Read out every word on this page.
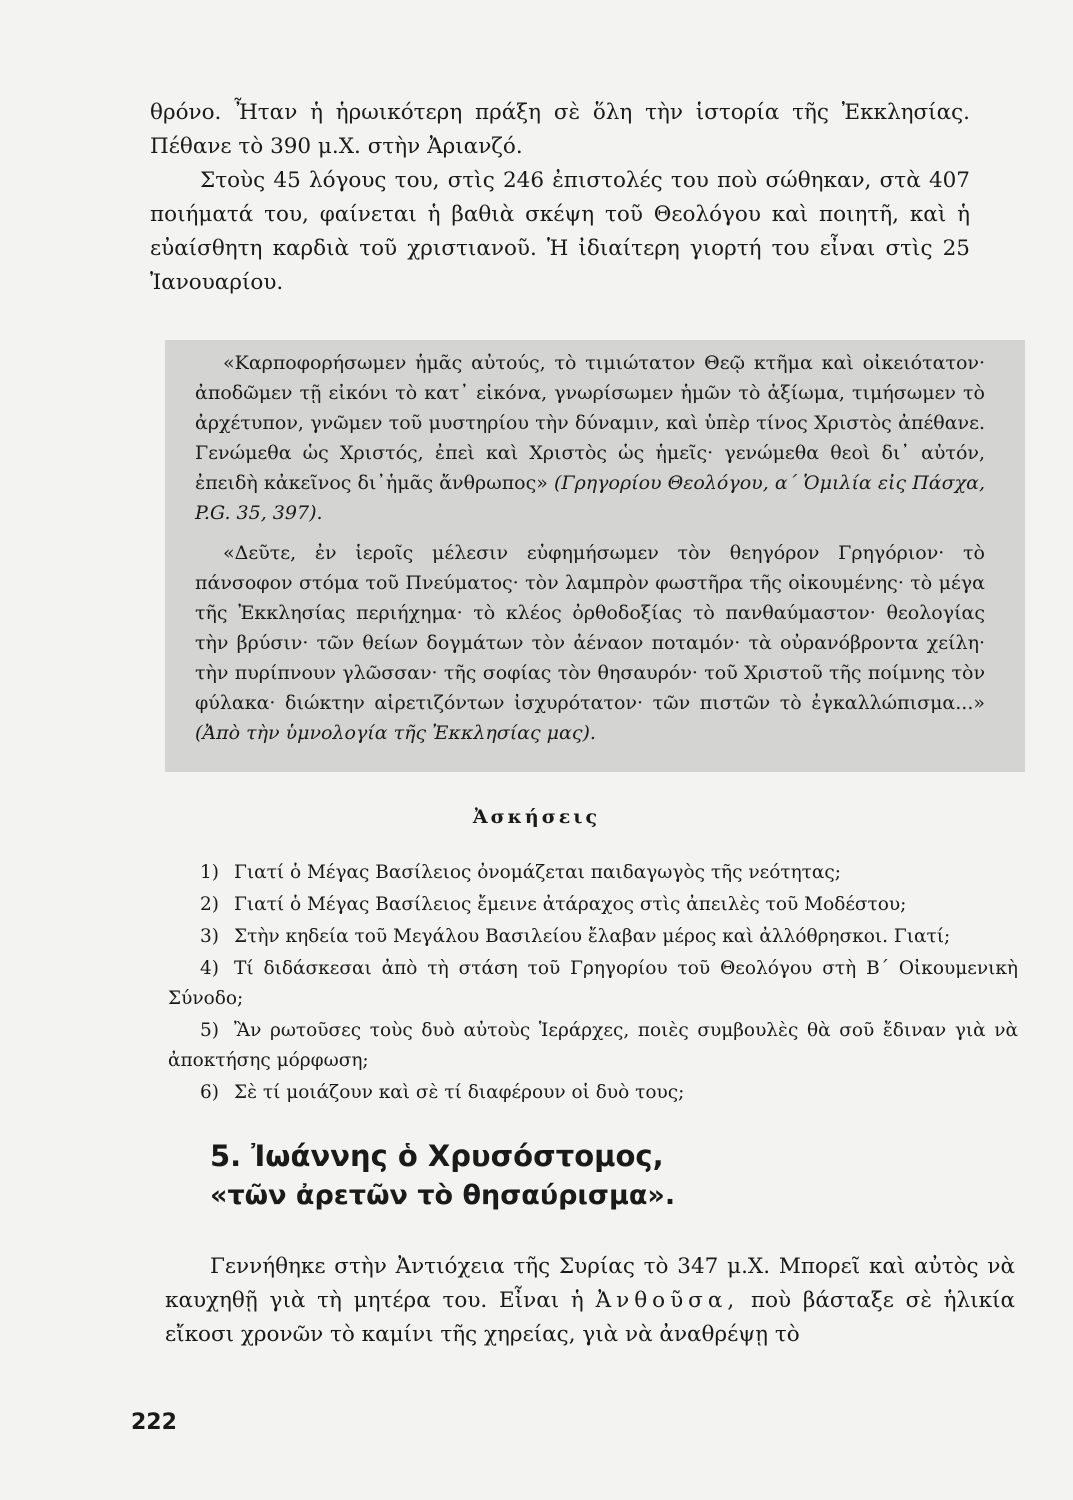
θρόνο. Ἦταν ἡ ἡρωικότερη πράξη σὲ ὅλη τὴν ἱστορία τῆς Ἐκκλησίας. Πέθανε τὸ 390 μ.Χ. στὴν Ἀριανζό.

Στοὺς 45 λόγους του, στὶς 246 ἐπιστολές του ποὺ σώθηκαν, στὰ 407 ποιήματά του, φαίνεται ἡ βαθιὰ σκέψη τοῦ Θεολόγου καὶ ποιητῆ, καὶ ἡ εὐαίσθητη καρδιὰ τοῦ χριστιανοῦ. Ἡ ἰδιαίτερη γιορτή του εἶναι στὶς 25 Ἰανουαρίου.

«Καρποφορήσωμεν ἡμᾶς αὐτούς, τὸ τιμιώτατον Θεῷ κτῆμα καὶ οἰκειότατον· ἀποδῶμεν τῇ εἰκόνι τὸ κατ᾿ εἰκόνα, γνωρίσωμεν ἡμῶν τὸ ἀξίωμα, τιμήσωμεν τὸ ἀρχέτυπον, γνῶμεν τοῦ μυστηρίου τὴν δύναμιν, καὶ ὑπὲρ τίνος Χριστὸς ἀπέθανε. Γενώμεθα ὡς Χριστός, ἐπεὶ καὶ Χριστὸς ὡς ἡμεῖς· γενώμεθα θεοὶ δι᾿ αὐτόν, ἐπειδὴ κἀκεῖνος δι᾿ἡμᾶς ἄνθρωπος» (Γρηγορίου Θεολόγου, α´ Ὁμιλία εἰς Πάσχα, P.G. 35, 397).

«Δεῦτε, ἐν ἱεροῖς μέλεσιν εὐφημήσωμεν τὸν θεηγόρον Γρηγόριον· τὸ πάνσοφον στόμα τοῦ Πνεύματος· τὸν λαμπρὸν φωστῆρα τῆς οἰκουμένης· τὸ μέγα τῆς Ἐκκλησίας περιήχημα· τὸ κλέος ὀρθοδοξίας τὸ πανθαύμαστον· θεολογίας τὴν βρύσιν· τῶν θείων δογμάτων τὸν ἀέναον ποταμόν· τὰ οὐρανόβροντα χείλη· τὴν πυρίπνουν γλῶσσαν· τῆς σοφίας τὸν θησαυρόν· τοῦ Χριστοῦ τῆς ποίμνης τὸν φύλακα· διώκτην αἱρετιζόντων ἰσχυρότατον· τῶν πιστῶν τὸ ἐγκαλλώπισμα...» (Ἀπὸ τὴν ὑμνολογία τῆς Ἐκκλησίας μας).

Ἀσκήσεις
1) Γιατί ὁ Μέγας Βασίλειος ὀνομάζεται παιδαγωγὸς τῆς νεότητας;
2) Γιατί ὁ Μέγας Βασίλειος ἔμεινε ἀτάραχος στὶς ἀπειλὲς τοῦ Μοδέστου;
3) Στὴν κηδεία τοῦ Μεγάλου Βασιλείου ἔλαβαν μέρος καὶ ἀλλόθρησκοι. Γιατί;
4) Τί διδάσκεσαι ἀπὸ τὴ στάση τοῦ Γρηγορίου τοῦ Θεολόγου στὴ Β´ Οἰκουμενικὴ Σύνοδο;
5) Ἂν ρωτοῦσες τοὺς δυὸ αὐτοὺς Ἱεράρχες, ποιὲς συμβουλὲς θὰ σοῦ ἔδιναν γιὰ νὰ ἀποκτήσης μόρφωση;
6) Σὲ τί μοιάζουν καὶ σὲ τί διαφέρουν οἱ δυὸ τους;
5. Ἰωάννης ὁ Χρυσόστομος,
«τῶν ἀρετῶν τὸ θησαύρισμα».

Γεννήθηκε στὴν Ἀντιόχεια τῆς Συρίας τὸ 347 μ.Χ. Μπορεῖ καὶ αὐτὸς νὰ καυχηθῇ γιὰ τὴ μητέρα του. Εἶναι ἡ Ἀνθοῦσα, ποὺ βάσταξε σὲ ἡλικία εἴκοσι χρονῶν τὸ καμίνι τῆς χηρείας, γιὰ νὰ ἀναθρέψῃ τὸ

222
